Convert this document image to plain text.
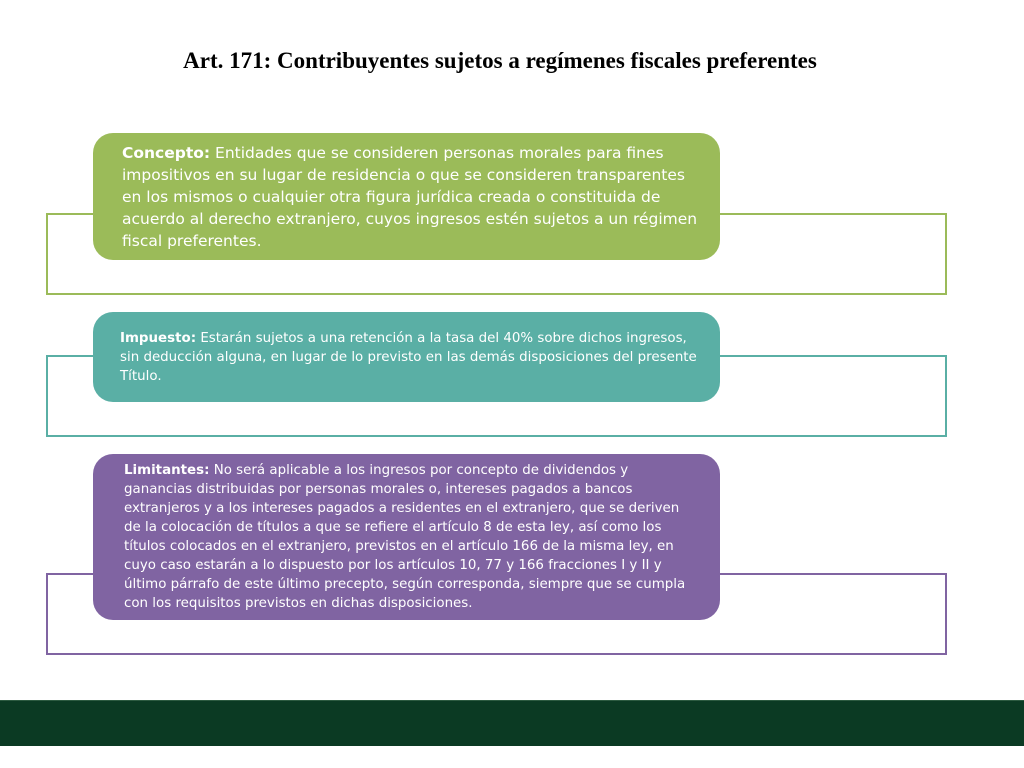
Art. 171: Contribuyentes sujetos a regímenes fiscales preferentes

Concepto: Entidades que se consideren personas morales para fines impositivos en su lugar de residencia o que se consideren transparentes en los mismos o cualquier otra figura jurídica creada o constituida de acuerdo al derecho extranjero, cuyos ingresos estén sujetos a un régimen fiscal preferentes.

Impuesto: Estarán sujetos a una retención a la tasa del 40% sobre dichos ingresos, sin deducción alguna, en lugar de lo previsto en las demás disposiciones del presente Título.

Limitantes: No será aplicable a los ingresos por concepto de dividendos y ganancias distribuidas por personas morales o, intereses pagados a bancos extranjeros y a los intereses pagados a residentes en el extranjero, que se deriven de la colocación de títulos a que se refiere el artículo 8 de esta ley, así como los títulos colocados en el extranjero, previstos en el artículo 166 de la misma ley, en cuyo caso estarán a lo dispuesto por los artículos 10, 77 y 166 fracciones I y II y último párrafo de este último precepto, según corresponda, siempre que se cumpla con los requisitos previstos en dichas disposiciones.
